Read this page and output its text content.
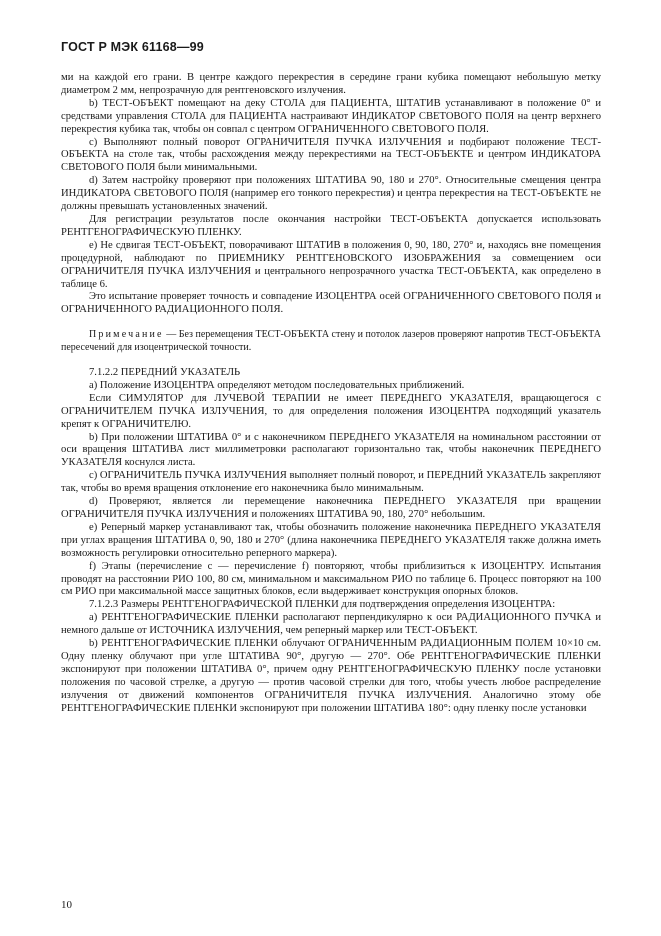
ГОСТ Р МЭК 61168—99

ми на каждой его грани. В центре каждого перекрестия в середине грани кубика помещают небольшую метку диаметром 2 мм, непрозрачную для рентгеновского излучения.

b) ТЕСТ-ОБЪЕКТ помещают на деку СТОЛА для ПАЦИЕНТА, ШТАТИВ устанавливают в положение 0° и средствами управления СТОЛА для ПАЦИЕНТА настраивают ИНДИКАТОР СВЕТОВОГО ПОЛЯ на центр верхнего перекрестия кубика так, чтобы он совпал с центром ОГРАНИЧЕННОГО СВЕТОВОГО ПОЛЯ.

c) Выполняют полный поворот ОГРАНИЧИТЕЛЯ ПУЧКА ИЗЛУЧЕНИЯ и подбирают положение ТЕСТ-ОБЪЕКТА на столе так, чтобы расхождения между перекрестиями на ТЕСТ-ОБЪЕКТЕ и центром ИНДИКАТОРА СВЕТОВОГО ПОЛЯ были минимальными.

d) Затем настройку проверяют при положениях ШТАТИВА 90, 180 и 270°. Относительные смещения центра ИНДИКАТОРА СВЕТОВОГО ПОЛЯ (например его тонкого перекрестия) и центра перекрестия на ТЕСТ-ОБЪЕКТЕ не должны превышать установленных значений.

Для регистрации результатов после окончания настройки ТЕСТ-ОБЪЕКТА допускается использовать РЕНТГЕНОГРАФИЧЕСКУЮ ПЛЕНКУ.

e) Не сдвигая ТЕСТ-ОБЪЕКТ, поворачивают ШТАТИВ в положения 0, 90, 180, 270° и, находясь вне помещения процедурной, наблюдают по ПРИЕМНИКУ РЕНТГЕНОВСКОГО ИЗОБРАЖЕНИЯ за совмещением оси ОГРАНИЧИТЕЛЯ ПУЧКА ИЗЛУЧЕНИЯ и центрального непрозрачного участка ТЕСТ-ОБЪЕКТА, как определено в таблице 6.

Это испытание проверяет точность и совпадение ИЗОЦЕНТРА осей ОГРАНИЧЕННОГО СВЕТОВОГО ПОЛЯ и ОГРАНИЧЕННОГО РАДИАЦИОННОГО ПОЛЯ.

Примечание — Без перемещения ТЕСТ-ОБЪЕКТА стену и потолок лазеров проверяют напротив ТЕСТ-ОБЪЕКТА пересечений для изоцентрической точности.

7.1.2.2 ПЕРЕДНИЙ УКАЗАТЕЛЬ

a) Положение ИЗОЦЕНТРА определяют методом последовательных приближений.

Если СИМУЛЯТОР для ЛУЧЕВОЙ ТЕРАПИИ не имеет ПЕРЕДНЕГО УКАЗАТЕЛЯ, вращающегося с ОГРАНИЧИТЕЛЕМ ПУЧКА ИЗЛУЧЕНИЯ, то для определения положения ИЗОЦЕНТРА подходящий указатель крепят к ОГРАНИЧИТЕЛЮ.

b) При положении ШТАТИВА 0° и с наконечником ПЕРЕДНЕГО УКАЗАТЕЛЯ на номинальном расстоянии от оси вращения ШТАТИВА лист миллиметровки располагают горизонтально так, чтобы наконечник ПЕРЕДНЕГО УКАЗАТЕЛЯ коснулся листа.

c) ОГРАНИЧИТЕЛЬ ПУЧКА ИЗЛУЧЕНИЯ выполняет полный поворот, и ПЕРЕДНИЙ УКАЗАТЕЛЬ закрепляют так, чтобы во время вращения отклонение его наконечника было минимальным.

d) Проверяют, является ли перемещение наконечника ПЕРЕДНЕГО УКАЗАТЕЛЯ при вращении ОГРАНИЧИТЕЛЯ ПУЧКА ИЗЛУЧЕНИЯ и положениях ШТАТИВА 90, 180, 270° небольшим.

e) Реперный маркер устанавливают так, чтобы обозначить положение наконечника ПЕРЕДНЕГО УКАЗАТЕЛЯ при углах вращения ШТАТИВА 0, 90, 180 и 270° (длина наконечника ПЕРЕДНЕГО УКАЗАТЕЛЯ также должна иметь возможность регулировки относительно реперного маркера).

f) Этапы (перечисление c — перечисление f) повторяют, чтобы приблизиться к ИЗОЦЕНТРУ. Испытания проводят на расстоянии РИО 100, 80 см, минимальном и максимальном РИО по таблице 6. Процесс повторяют на 100 см РИО при максимальной массе защитных блоков, если выдерживает конструкция опорных блоков.

7.1.2.3 Размеры РЕНТГЕНОГРАФИЧЕСКОЙ ПЛЕНКИ для подтверждения определения ИЗОЦЕНТРА:

a) РЕНТГЕНОГРАФИЧЕСКИЕ ПЛЕНКИ располагают перпендикулярно к оси РАДИАЦИОННОГО ПУЧКА и немного дальше от ИСТОЧНИКА ИЗЛУЧЕНИЯ, чем реперный маркер или ТЕСТ-ОБЪЕКТ.

b) РЕНТГЕНОГРАФИЧЕСКИЕ ПЛЕНКИ облучают ОГРАНИЧЕННЫМ РАДИАЦИОННЫМ ПОЛЕМ 10×10 см. Одну пленку облучают при угле ШТАТИВА 90°, другую — 270°. Обе РЕНТГЕНОГРАФИЧЕСКИЕ ПЛЕНКИ экспонируют при положении ШТАТИВА 0°, причем одну РЕНТГЕНОГРАФИЧЕСКУЮ ПЛЕНКУ после установки положения по часовой стрелке, а другую — против часовой стрелки для того, чтобы учесть любое распределение излучения от движений компонентов ОГРАНИЧИТЕЛЯ ПУЧКА ИЗЛУЧЕНИЯ. Аналогично этому обе РЕНТГЕНОГРАФИЧЕСКИЕ ПЛЕНКИ экспонируют при положении ШТАТИВА 180°: одну пленку после установки

10
